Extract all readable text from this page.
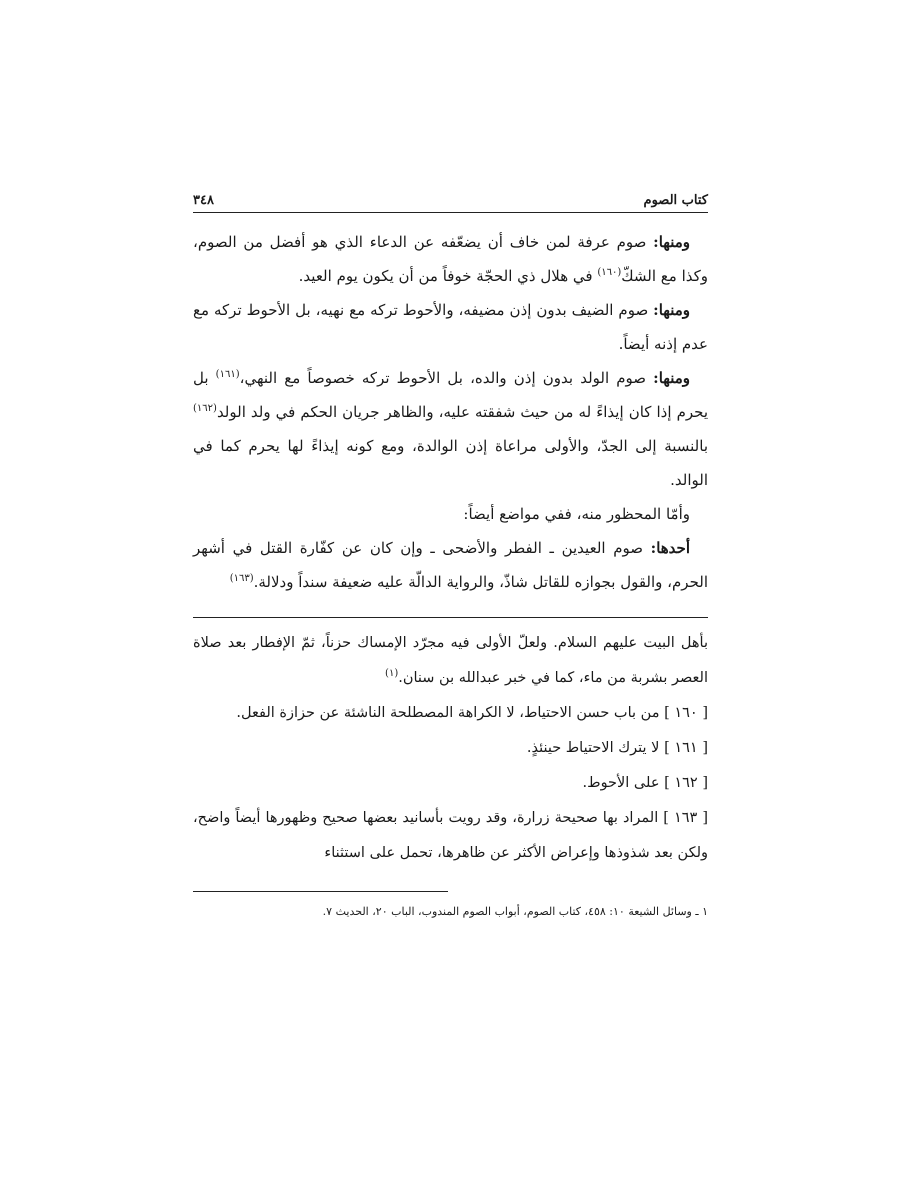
كتاب الصوم
٣٤٨

ومنها: صوم عرفة لمن خاف أن يضعّفه عن الدعاء الذي هو أفضل من الصوم، وكذا مع الشكّ$^{(١٦٠)}$ في هلال ذي الحجّة خوفاً من أن يكون يوم العيد.

ومنها: صوم الضيف بدون إذن مضيفه، والأحوط تركه مع نهيه، بل الأحوط تركه مع عدم إذنه أيضاً.

ومنها: صوم الولد بدون إذن والده، بل الأحوط تركه خصوصاً مع النهي،$^{(١٦١)}$ بل يحرم إذا كان إيذاءً له من حيث شفقته عليه، والظاهر جريان الحكم في ولد الولد$^{(١٦٢)}$ بالنسبة إلى الجدّ، والأولى مراعاة إذن الوالدة، ومع كونه إيذاءً لها يحرم كما في الوالد.

وأمّا المحظور منه، ففي مواضع أيضاً:

أحدها: صوم العيدين ـ الفطر والأضحى ـ وإن كان عن كفّارة القتل في أشهر الحرم، والقول بجوازه للقاتل شاذّ، والرواية الدالّة عليه ضعيفة سنداً ودلالة.$^{(١٦٣)}$

بأهل البيت عليهم السلام. ولعلّ الأولى فيه مجرّد الإمساك حزناً، ثمّ الإفطار بعد صلاة العصر بشربة من ماء، كما في خبر عبدالله بن سنان.$^{(١)}$

[ ١٦٠ ] من باب حسن الاحتياط، لا الكراهة المصطلحة الناشئة عن حزازة الفعل.

[ ١٦١ ] لا يترك الاحتياط حينئذٍ.

[ ١٦٢ ] على الأحوط.

[ ١٦٣ ] المراد بها صحيحة زرارة، وقد رويت بأسانيد بعضها صحيح وظهورها أيضاً واضح، ولكن بعد شذوذها وإعراض الأكثر عن ظاهرها، تحمل على استثناء

١ ـ وسائل الشيعة ١٠: ٤٥٨، كتاب الصوم، أبواب الصوم المندوب، الباب ٢٠، الحديث ٧.
